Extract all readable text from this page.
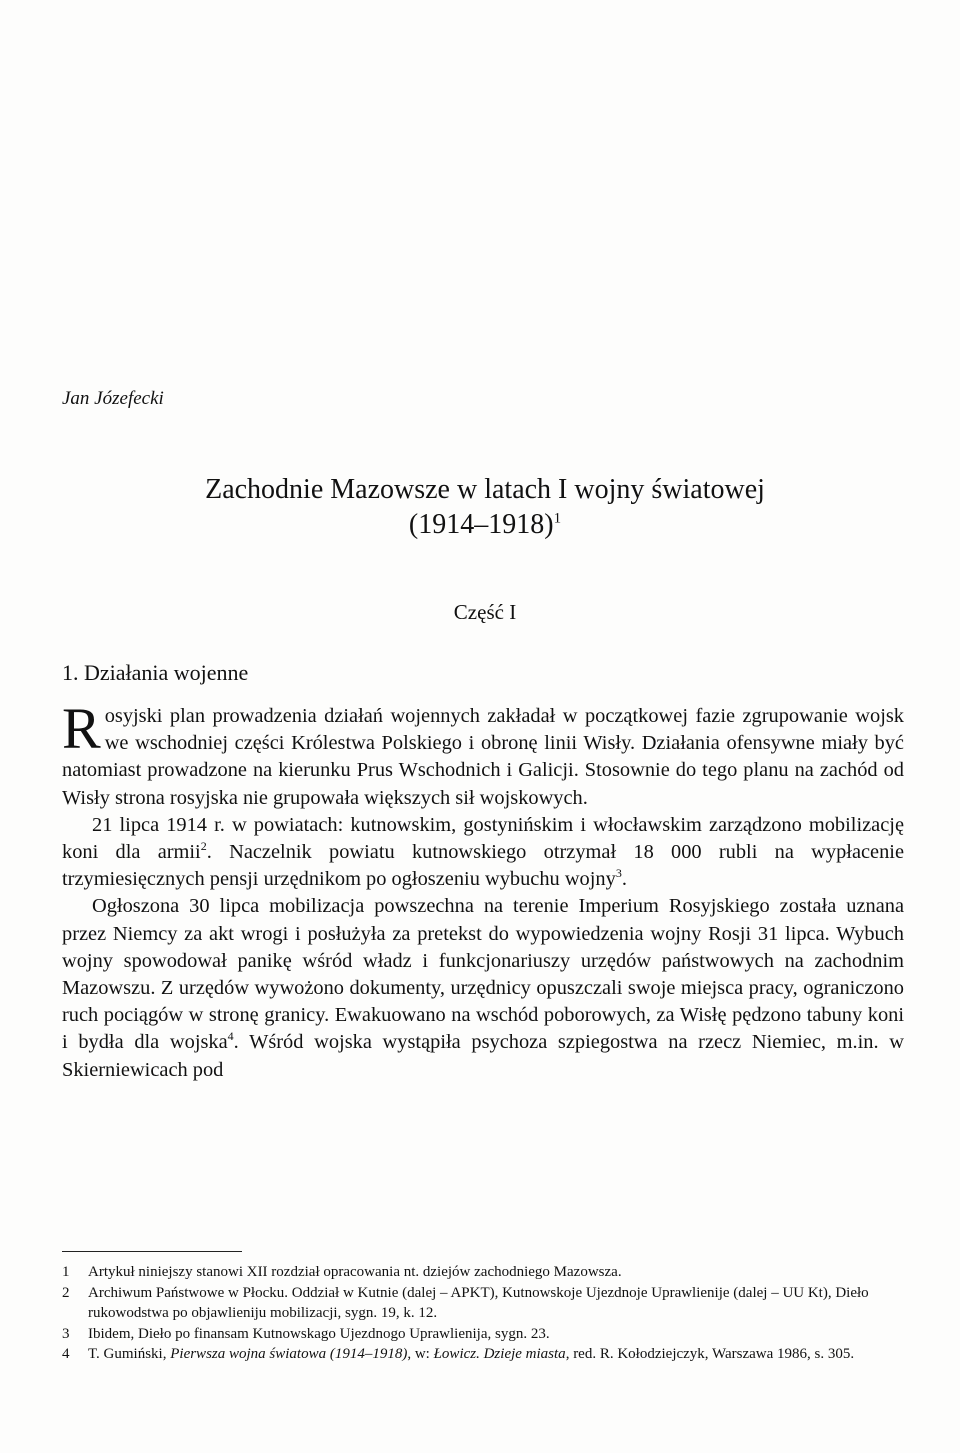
Jan Józefecki

Zachodnie Mazowsze w latach I wojny światowej
(1914–1918)$^1$

Część I

1. Działania wojenne

Rosyjski plan prowadzenia działań wojennych zakładał w początkowej fazie zgrupowanie wojsk we wschodniej części Królestwa Polskiego i obronę linii Wisły. Działania ofensywne miały być natomiast prowadzone na kierunku Prus Wschodnich i Galicji. Stosownie do tego planu na zachód od Wisły strona rosyjska nie grupowała większych sił wojskowych.

21 lipca 1914 r. w powiatach: kutnowskim, gostynińskim i włocławskim zarządzono mobilizację koni dla armii$^2$. Naczelnik powiatu kutnowskiego otrzymał 18 000 rubli na wypłacenie trzymiesięcznych pensji urzędnikom po ogłoszeniu wybuchu wojny$^3$.

Ogłoszona 30 lipca mobilizacja powszechna na terenie Imperium Rosyjskiego została uznana przez Niemcy za akt wrogi i posłużyła za pretekst do wypowiedzenia wojny Rosji 31 lipca. Wybuch wojny spowodował panikę wśród władz i funkcjonariuszy urzędów państwowych na zachodnim Mazowszu. Z urzędów wywożono dokumenty, urzędnicy opuszczali swoje miejsca pracy, ograniczono ruch pociągów w stronę granicy. Ewakuowano na wschód poborowych, za Wisłę pędzono tabuny koni i bydła dla wojska$^4$. Wśród wojska wystąpiła psychoza szpiegostwa na rzecz Niemiec, m.in. w Skierniewicach pod

1	Artykuł niniejszy stanowi XII rozdział opracowania nt. dziejów zachodniego Mazowsza.

2	Archiwum Państwowe w Płocku. Oddział w Kutnie (dalej – APKT), Kutnowskoje Ujezdnoje Uprawlienije (dalej – UU Kt), Dieło rukowodstwa po objawlieniju mobilizacji, sygn. 19, k. 12.

3	Ibidem, Dieło po finansam Kutnowskago Ujezdnogo Uprawlienija, sygn. 23.

4	T. Gumiński, Pierwsza wojna światowa (1914–1918), w: Łowicz. Dzieje miasta, red. R. Kołodziejczyk, Warszawa 1986, s. 305.
